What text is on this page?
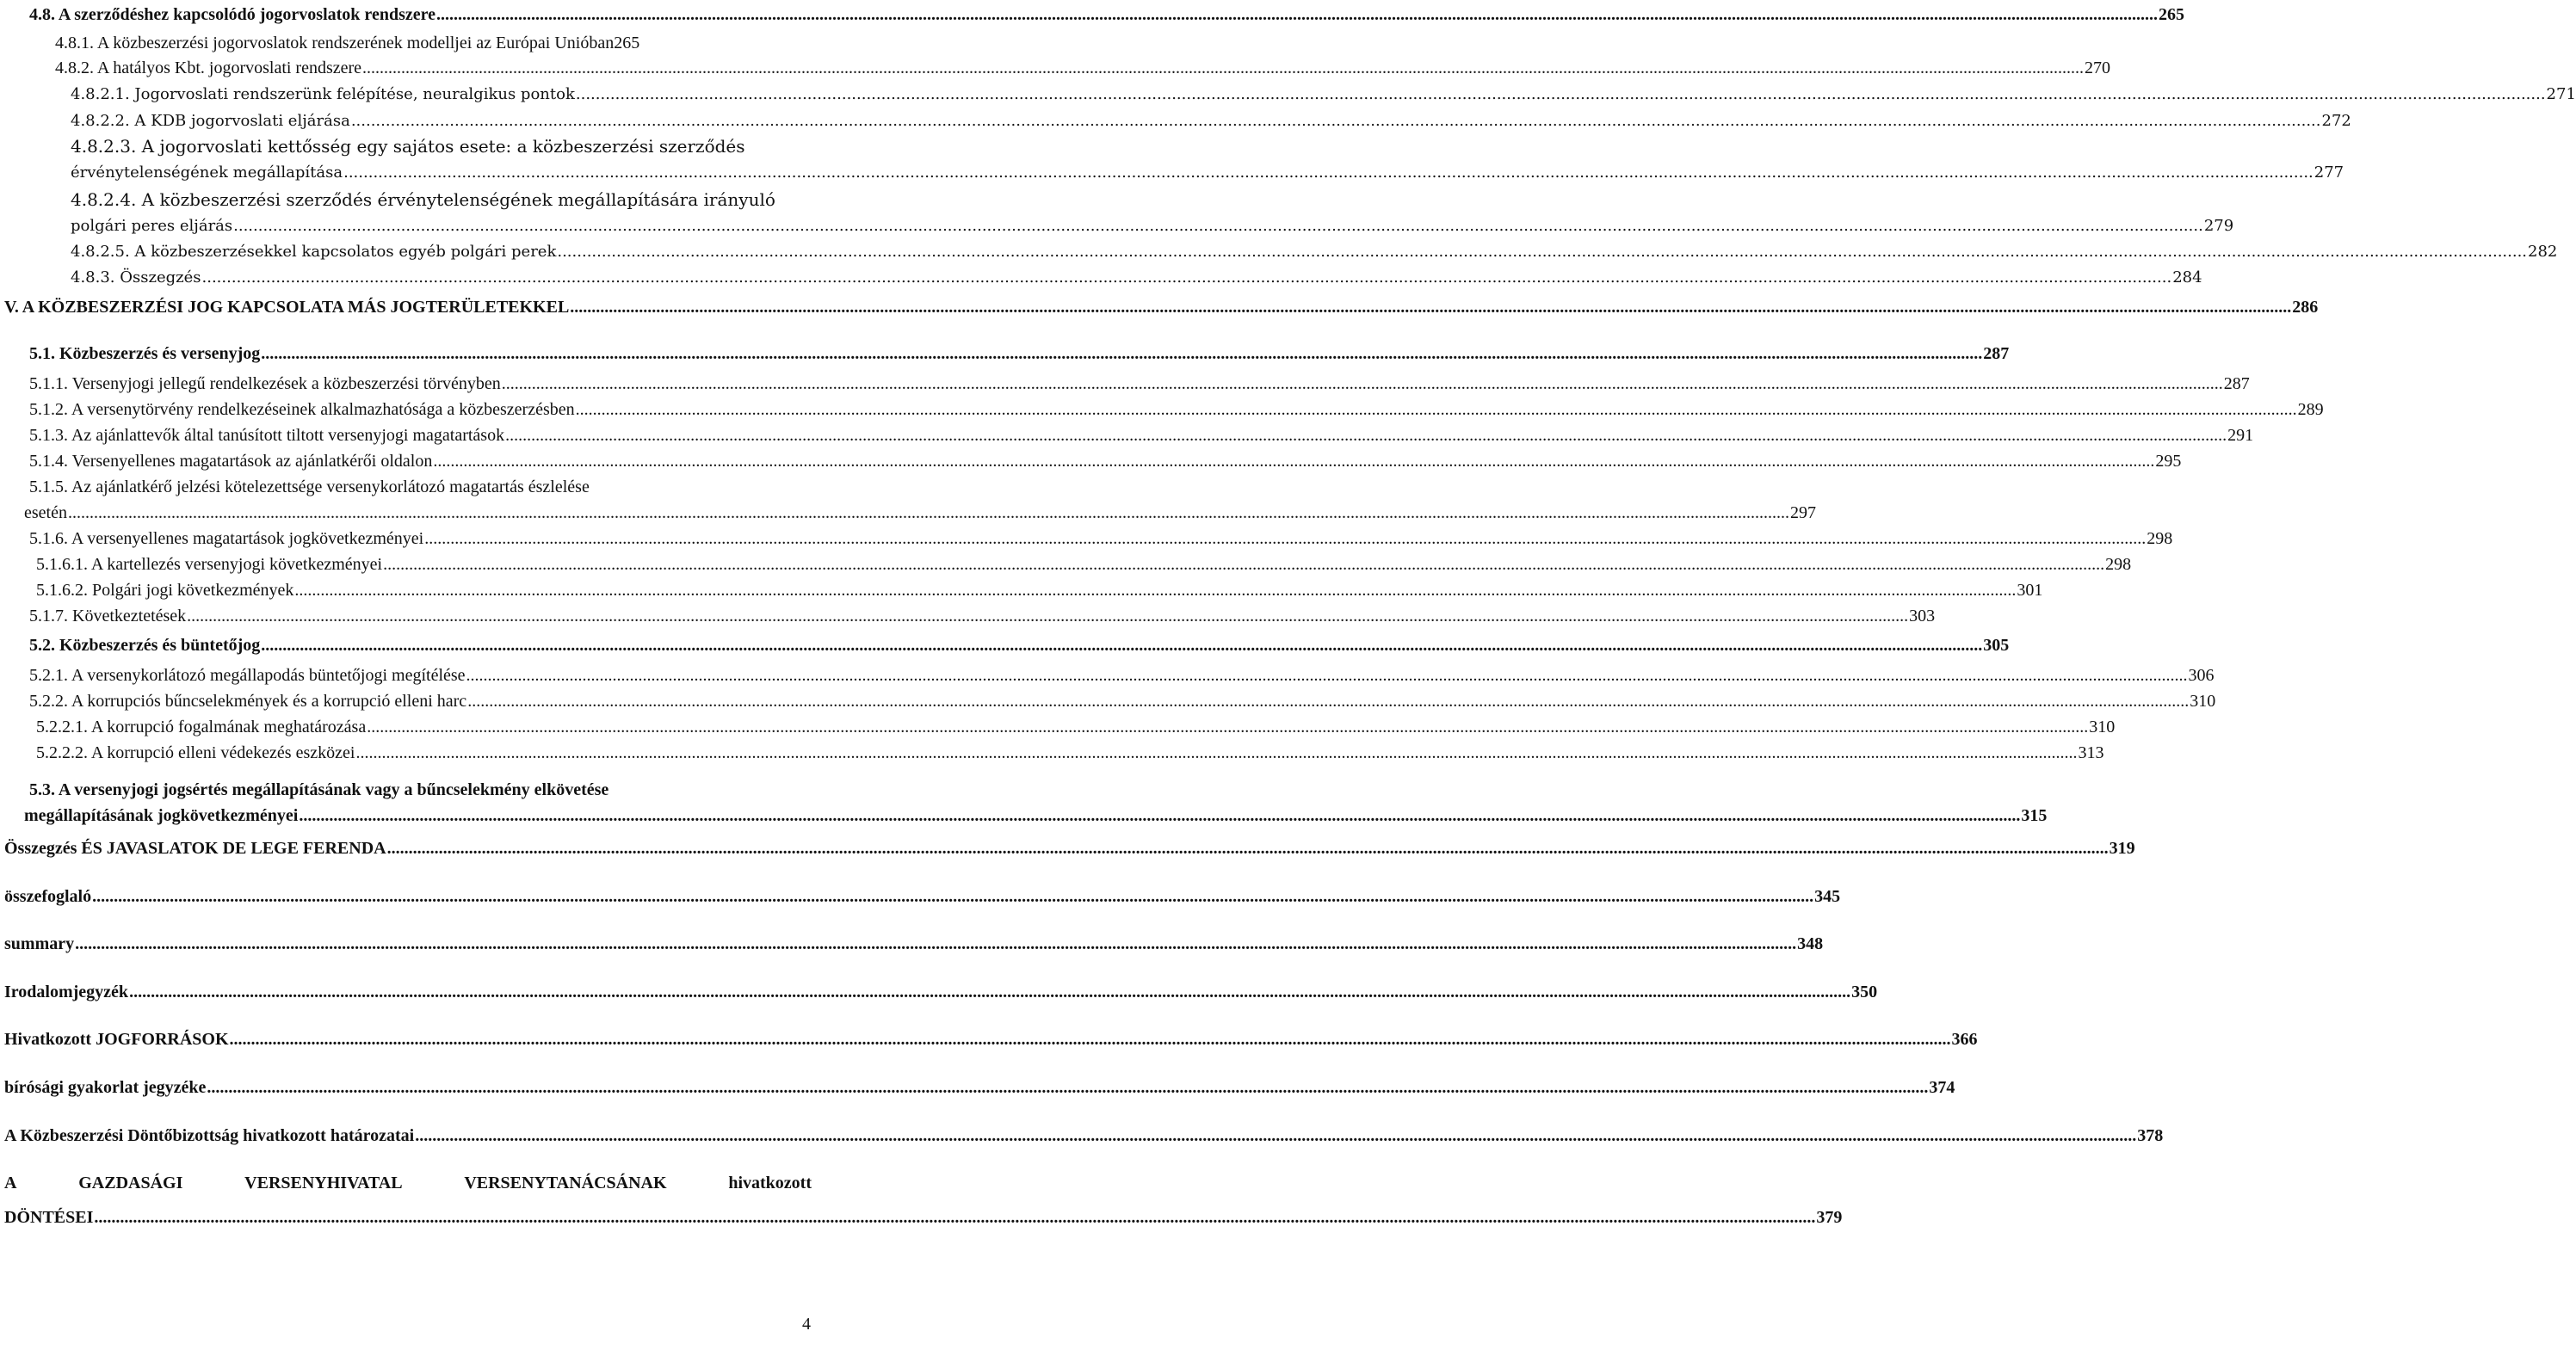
4.8. A szerződéshez kapcsolódó jogorvoslatok rendszere ................................................................................................................................................................................................................................................................................................................................................................................................................ 265
4.8.1. A közbeszerzési jogorvoslatok rendszerének modelljei az Európai Unióban 265
4.8.2. A hatályos Kbt. jogorvoslati rendszere ................................................................................................................................................................................................................................................................................................................................................................................................................ 270
4.8.2.1. Jogorvoslati rendszerünk felépítése, neuralgikus pontok ................................................................................................................................................................................................................................................................................................................................................................................................................ 271
4.8.2.2. A KDB jogorvoslati eljárása ................................................................................................................................................................................................................................................................................................................................................................................................................ 272
4.8.2.3. A jogorvoslati kettősség egy sajátos esete: a közbeszerzési szerződés
érvénytelenségének megállapítása ................................................................................................................................................................................................................................................................................................................................................................................................................ 277
4.8.2.4. A közbeszerzési szerződés érvénytelenségének megállapítására irányuló
polgári peres eljárás ................................................................................................................................................................................................................................................................................................................................................................................................................ 279
4.8.2.5. A közbeszerzésekkel kapcsolatos egyéb polgári perek ................................................................................................................................................................................................................................................................................................................................................................................................................ 282
4.8.3. Összegzés ................................................................................................................................................................................................................................................................................................................................................................................................................ 284
V. A KÖZBESZERZÉSI JOG KAPCSOLATA MÁS JOGTERÜLETEKKEL ................................................................................................................................................................................................................................................................................................................................................................................................................ 286
5.1. Közbeszerzés és versenyjog ................................................................................................................................................................................................................................................................................................................................................................................................................ 287
5.1.1. Versenyjogi jellegű rendelkezések a közbeszerzési törvényben ................................................................................................................................................................................................................................................................................................................................................................................................................ 287
5.1.2. A versenytörvény rendelkezéseinek alkalmazhatósága a közbeszerzésben ................................................................................................................................................................................................................................................................................................................................................................................................................ 289
5.1.3. Az ajánlattevők által tanúsított tiltott versenyjogi magatartások ................................................................................................................................................................................................................................................................................................................................................................................................................ 291
5.1.4. Versenyellenes magatartások az ajánlatkérői oldalon ................................................................................................................................................................................................................................................................................................................................................................................................................ 295
5.1.5. Az ajánlatkérő jelzési kötelezettsége versenykorlátozó magatartás észlelése
esetén ................................................................................................................................................................................................................................................................................................................................................................................................................ 297
5.1.6. A versenyellenes magatartások jogkövetkezményei ................................................................................................................................................................................................................................................................................................................................................................................................................ 298
5.1.6.1. A kartellezés versenyjogi következményei ................................................................................................................................................................................................................................................................................................................................................................................................................ 298
5.1.6.2. Polgári jogi következmények ................................................................................................................................................................................................................................................................................................................................................................................................................ 301
5.1.7. Következtetések ................................................................................................................................................................................................................................................................................................................................................................................................................ 303
5.2. Közbeszerzés és büntetőjog ................................................................................................................................................................................................................................................................................................................................................................................................................ 305
5.2.1. A versenykorlátozó megállapodás büntetőjogi megítélése ................................................................................................................................................................................................................................................................................................................................................................................................................ 306
5.2.2. A korrupciós bűncselekmények és a korrupció elleni harc ................................................................................................................................................................................................................................................................................................................................................................................................................ 310
5.2.2.1. A korrupció fogalmának meghatározása ................................................................................................................................................................................................................................................................................................................................................................................................................ 310
5.2.2.2. A korrupció elleni védekezés eszközei ................................................................................................................................................................................................................................................................................................................................................................................................................ 313
5.3. A versenyjogi jogsértés megállapításának vagy a bűncselekmény elkövetése
megállapításának jogkövetkezményei ................................................................................................................................................................................................................................................................................................................................................................................................................ 315
Összegzés ÉS JAVASLATOK DE LEGE FERENDA ................................................................................................................................................................................................................................................................................................................................................................................................................ 319
összefoglaló ................................................................................................................................................................................................................................................................................................................................................................................................................ 345
summary ................................................................................................................................................................................................................................................................................................................................................................................................................ 348
Irodalomjegyzék ................................................................................................................................................................................................................................................................................................................................................................................................................ 350
Hivatkozott JOGFORRÁSOK ................................................................................................................................................................................................................................................................................................................................................................................................................ 366
bírósági gyakorlat jegyzéke ................................................................................................................................................................................................................................................................................................................................................................................................................ 374
A Közbeszerzési Döntőbizottság hivatkozott határozatai ................................................................................................................................................................................................................................................................................................................................................................................................................ 378
A	GAZDASÁGI	VERSENYHIVATAL	VERSENYTANÁCSÁNAK	hivatkozott
DÖNTÉSEI ................................................................................................................................................................................................................................................................................................................................................................................................................ 379
4
